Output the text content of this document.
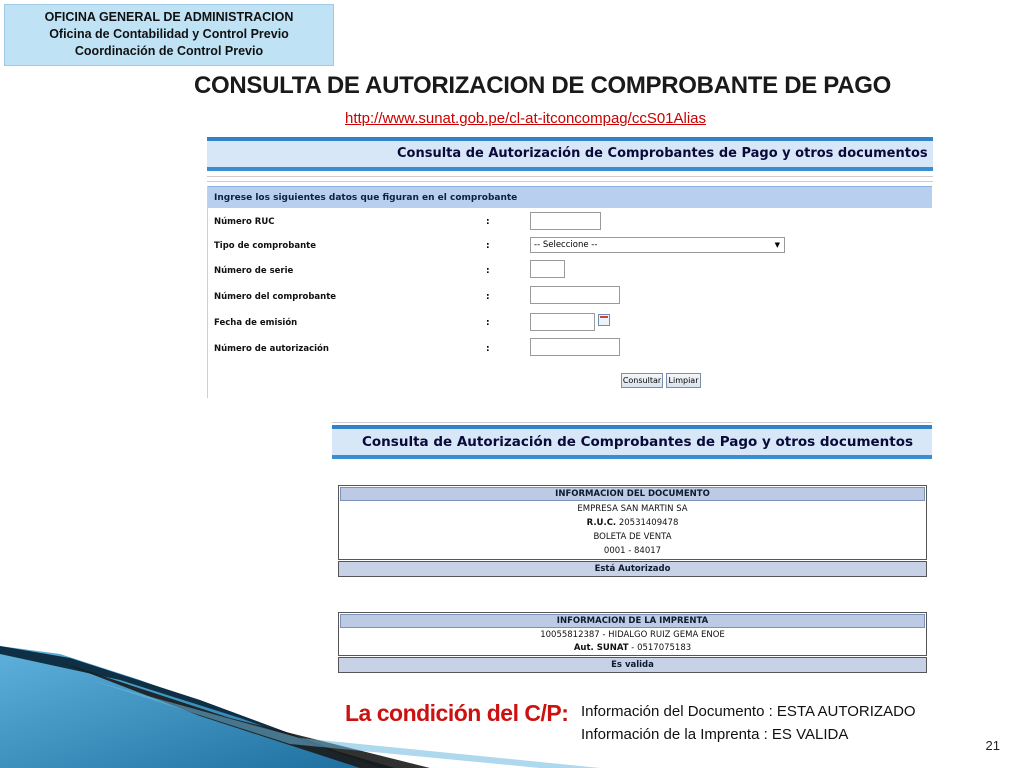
OFICINA GENERAL DE ADMINISTRACION
Oficina de Contabilidad y Control Previo
Coordinación de Control Previo
CONSULTA DE AUTORIZACION DE COMPROBANTE DE PAGO
http://www.sunat.gob.pe/cl-at-itconcompag/ccS01Alias
Consulta de Autorización de Comprobantes de Pago y otros documentos
Ingrese los siguientes datos que figuran en el comprobante
Número RUC	:
Tipo de comprobante	:	-- Seleccione --	▼
Número de serie	:
Número del comprobante	:
Fecha de emisión	:
Número de autorización	:
Consultar Limpiar
Consulta de Autorización de Comprobantes de Pago y otros documentos
INFORMACION DEL DOCUMENTO
EMPRESA SAN MARTIN SA
R.U.C. 20531409478
BOLETA DE VENTA
0001 - 84017
Está Autorizado
INFORMACION DE LA IMPRENTA
10055812387 - HIDALGO RUIZ GEMA ENOE
Aut. SUNAT - 0517075183
Es valida
La condición del C/P: Información del Documento : ESTA AUTORIZADO
Información de la Imprenta : ES VALIDA
21
